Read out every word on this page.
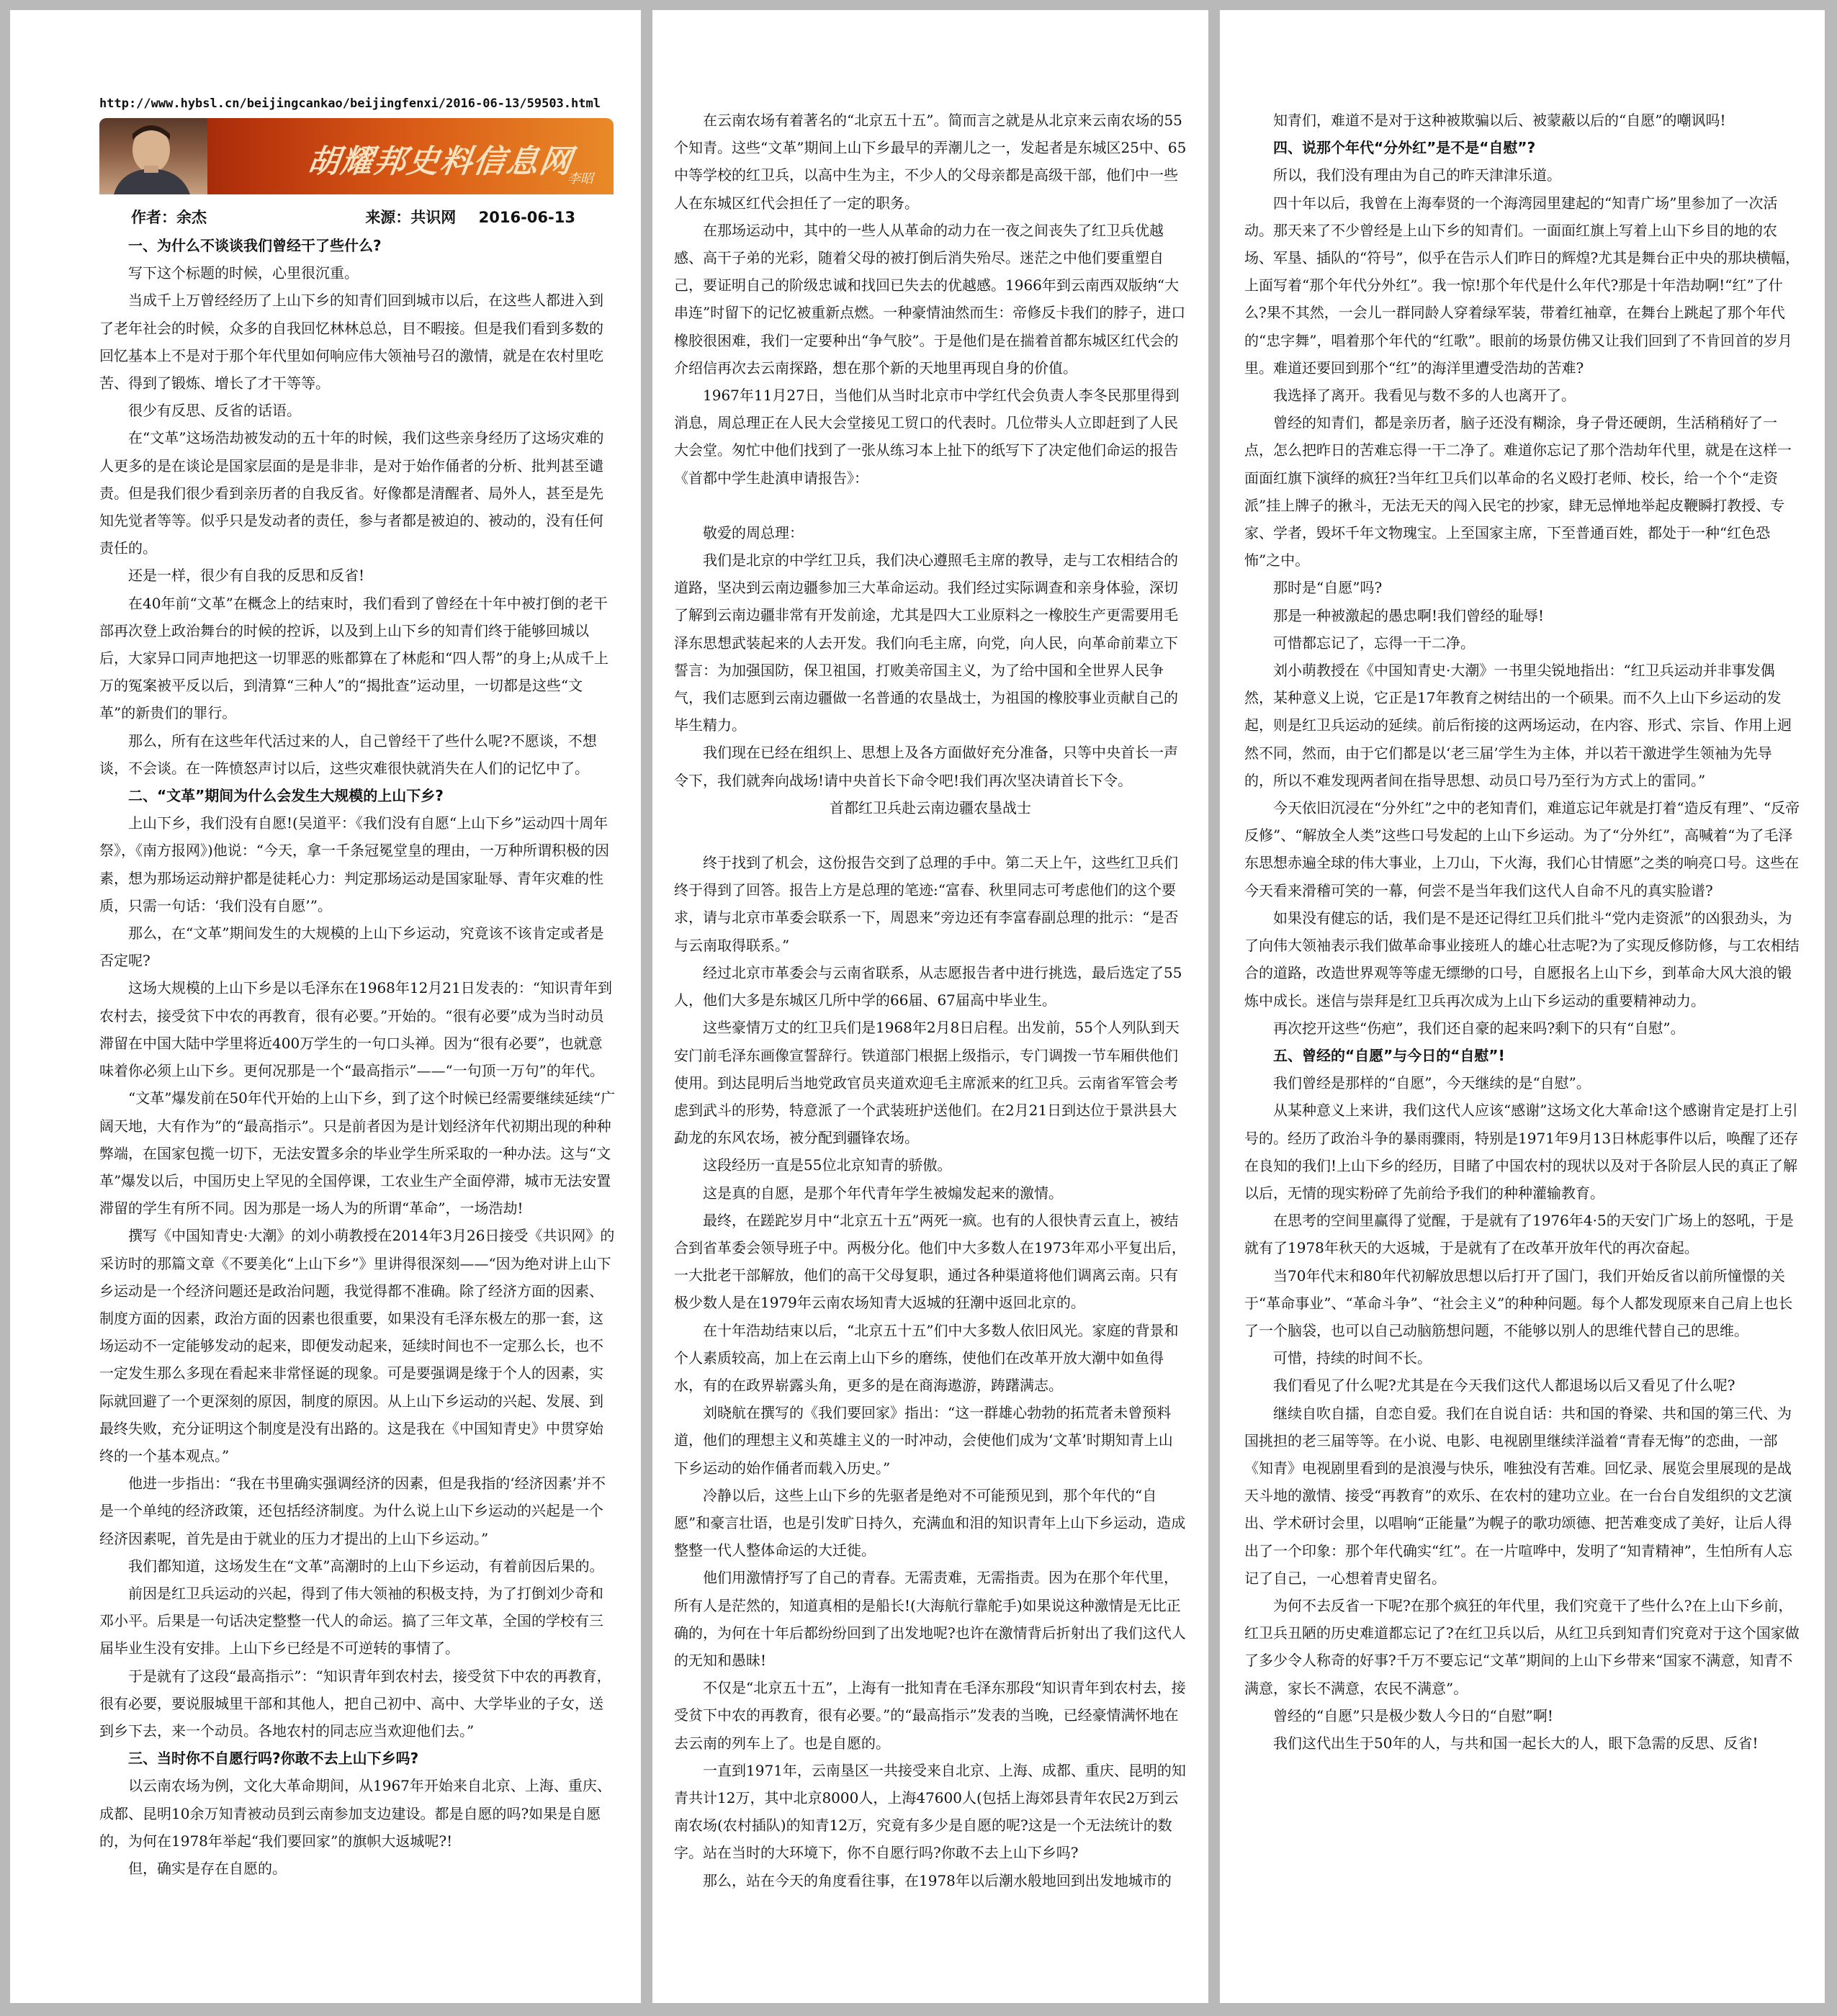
http://www.hybsl.cn/beijingcankao/beijingfenxi/2016-06-13/59503.html
胡耀邦史料信息网
李昭
作者：余杰	来源：共识网 2016-06-13
一、为什么不谈谈我们曾经干了些什么?

写下这个标题的时候，心里很沉重。

当成千上万曾经经历了上山下乡的知青们回到城市以后，在这些人都进入到了老年社会的时候，众多的自我回忆林林总总，目不暇接。但是我们看到多数的回忆基本上不是对于那个年代里如何响应伟大领袖号召的激情，就是在农村里吃苦、得到了锻炼、增长了才干等等。

很少有反思、反省的话语。

在“文革”这场浩劫被发动的五十年的时候，我们这些亲身经历了这场灾难的人更多的是在谈论是国家层面的是是非非，是对于始作俑者的分析、批判甚至谴责。但是我们很少看到亲历者的自我反省。好像都是清醒者、局外人，甚至是先知先觉者等等。似乎只是发动者的责任，参与者都是被迫的、被动的，没有任何责任的。

还是一样，很少有自我的反思和反省!

在40年前“文革”在概念上的结束时，我们看到了曾经在十年中被打倒的老干部再次登上政治舞台的时候的控诉，以及到上山下乡的知青们终于能够回城以后，大家异口同声地把这一切罪恶的账都算在了林彪和“四人帮”的身上;从成千上万的冤案被平反以后，到清算“三种人”的“揭批查”运动里，一切都是这些“文革”的新贵们的罪行。

那么，所有在这些年代活过来的人，自己曾经干了些什么呢?不愿谈，不想谈，不会谈。在一阵愤怒声讨以后，这些灾难很快就消失在人们的记忆中了。

二、“文革”期间为什么会发生大规模的上山下乡?

上山下乡，我们没有自愿!(吴道平：《我们没有自愿“上山下乡”运动四十周年祭》，《南方报网》)他说：“今天，拿一千条冠冕堂皇的理由，一万种所谓积极的因素，想为那场运动辩护都是徒耗心力：判定那场运动是国家耻辱、青年灾难的性质，只需一句话：‘我们没有自愿’”。

那么，在“文革”期间发生的大规模的上山下乡运动，究竟该不该肯定或者是否定呢?

这场大规模的上山下乡是以毛泽东在1968年12月21日发表的：“知识青年到农村去，接受贫下中农的再教育，很有必要。”开始的。“很有必要”成为当时动员滞留在中国大陆中学里将近400万学生的一句口头禅。因为“很有必要”，也就意味着你必须上山下乡。更何况那是一个“最高指示”——“一句顶一万句”的年代。

“文革”爆发前在50年代开始的上山下乡，到了这个时候已经需要继续延续“广阔天地，大有作为”的“最高指示”。只是前者因为是计划经济年代初期出现的种种弊端，在国家包揽一切下，无法安置多余的毕业学生所采取的一种办法。这与“文革”爆发以后，中国历史上罕见的全国停课，工农业生产全面停滞，城市无法安置滞留的学生有所不同。因为那是一场人为的所谓“革命”，一场浩劫!

撰写《中国知青史·大潮》的刘小萌教授在2014年3月26日接受《共识网》的采访时的那篇文章《不要美化“上山下乡”》里讲得很深刻——“因为绝对讲上山下乡运动是一个经济问题还是政治问题，我觉得都不准确。除了经济方面的因素、制度方面的因素，政治方面的因素也很重要，如果没有毛泽东极左的那一套，这场运动不一定能够发动的起来，即便发动起来，延续时间也不一定那么长，也不一定发生那么多现在看起来非常怪诞的现象。可是要强调是缘于个人的因素，实际就回避了一个更深刻的原因，制度的原因。从上山下乡运动的兴起、发展、到最终失败，充分证明这个制度是没有出路的。这是我在《中国知青史》中贯穿始终的一个基本观点。”

他进一步指出：“我在书里确实强调经济的因素，但是我指的‘经济因素’并不是一个单纯的经济政策，还包括经济制度。为什么说上山下乡运动的兴起是一个经济因素呢，首先是由于就业的压力才提出的上山下乡运动。”

我们都知道，这场发生在“文革”高潮时的上山下乡运动，有着前因后果的。

前因是红卫兵运动的兴起，得到了伟大领袖的积极支持，为了打倒刘少奇和邓小平。后果是一句话决定整整一代人的命运。搞了三年文革，全国的学校有三届毕业生没有安排。上山下乡已经是不可逆转的事情了。

于是就有了这段“最高指示”：“知识青年到农村去，接受贫下中农的再教育，很有必要，要说服城里干部和其他人，把自己初中、高中、大学毕业的子女，送到乡下去，来一个动员。各地农村的同志应当欢迎他们去。”

三、当时你不自愿行吗?你敢不去上山下乡吗?

以云南农场为例，文化大革命期间，从1967年开始来自北京、上海、重庆、成都、昆明10余万知青被动员到云南参加支边建设。都是自愿的吗?如果是自愿的，为何在1978年举起“我们要回家”的旗帜大返城呢?!

但，确实是存在自愿的。

在云南农场有着著名的“北京五十五”。简而言之就是从北京来云南农场的55个知青。这些“文革”期间上山下乡最早的弄潮儿之一，发起者是东城区25中、65中等学校的红卫兵，以高中生为主，不少人的父母亲都是高级干部，他们中一些人在东城区红代会担任了一定的职务。

在那场运动中，其中的一些人从革命的动力在一夜之间丧失了红卫兵优越感、高干子弟的光彩，随着父母的被打倒后消失殆尽。迷茫之中他们要重塑自己，要证明自己的阶级忠诚和找回已失去的优越感。1966年到云南西双版纳“大串连”时留下的记忆被重新点燃。一种豪情油然而生：帝修反卡我们的脖子，进口橡胶很困难，我们一定要种出“争气胶”。于是他们是在揣着首都东城区红代会的介绍信再次去云南探路，想在那个新的天地里再现自身的价值。

1967年11月27日，当他们从当时北京市中学红代会负责人李冬民那里得到消息，周总理正在人民大会堂接见工贸口的代表时。几位带头人立即赶到了人民大会堂。匆忙中他们找到了一张从练习本上扯下的纸写下了决定他们命运的报告《首都中学生赴滇申请报告》：

敬爱的周总理：

我们是北京的中学红卫兵，我们决心遵照毛主席的教导，走与工农相结合的道路，坚决到云南边疆参加三大革命运动。我们经过实际调查和亲身体验，深切了解到云南边疆非常有开发前途，尤其是四大工业原料之一橡胶生产更需要用毛泽东思想武装起来的人去开发。我们向毛主席，向党，向人民，向革命前辈立下誓言：为加强国防，保卫祖国，打败美帝国主义，为了给中国和全世界人民争气，我们志愿到云南边疆做一名普通的农垦战士，为祖国的橡胶事业贡献自己的毕生精力。

我们现在已经在组织上、思想上及各方面做好充分准备，只等中央首长一声令下，我们就奔向战场!请中央首长下命令吧!我们再次坚决请首长下令。

首都红卫兵赴云南边疆农垦战士

终于找到了机会，这份报告交到了总理的手中。第二天上午，这些红卫兵们终于得到了回答。报告上方是总理的笔迹:“富春、秋里同志可考虑他们的这个要求，请与北京市革委会联系一下，周恩来”旁边还有李富春副总理的批示：“是否与云南取得联系。”

经过北京市革委会与云南省联系，从志愿报告者中进行挑选，最后选定了55人，他们大多是东城区几所中学的66届、67届高中毕业生。

这些豪情万丈的红卫兵们是1968年2月8日启程。出发前，55个人列队到天安门前毛泽东画像宣誓辞行。铁道部门根据上级指示，专门调拨一节车厢供他们使用。到达昆明后当地党政官员夹道欢迎毛主席派来的红卫兵。云南省军管会考虑到武斗的形势，特意派了一个武装班护送他们。在2月21日到达位于景洪县大勐龙的东风农场，被分配到疆锋农场。

这段经历一直是55位北京知青的骄傲。

这是真的自愿，是那个年代青年学生被煽发起来的激情。

最终，在蹉跎岁月中“北京五十五”两死一疯。也有的人很快青云直上，被结合到省革委会领导班子中。两极分化。他们中大多数人在1973年邓小平复出后，一大批老干部解放，他们的高干父母复职，通过各种渠道将他们调离云南。只有极少数人是在1979年云南农场知青大返城的狂潮中返回北京的。

在十年浩劫结束以后，“北京五十五”们中大多数人依旧风光。家庭的背景和个人素质较高，加上在云南上山下乡的磨练，使他们在改革开放大潮中如鱼得水，有的在政界崭露头角，更多的是在商海遨游，踌躇满志。

刘晓航在撰写的《我们要回家》指出：“这一群雄心勃勃的拓荒者未曾预料道，他们的理想主义和英雄主义的一时冲动，会使他们成为‘文革’时期知青上山下乡运动的始作俑者而载入历史。”

冷静以后，这些上山下乡的先驱者是绝对不可能预见到，那个年代的“自愿”和豪言壮语，也是引发旷日持久，充满血和泪的知识青年上山下乡运动，造成整整一代人整体命运的大迁徙。

他们用激情抒写了自己的青春。无需责难，无需指责。因为在那个年代里，所有人是茫然的，知道真相的是船长!(大海航行靠舵手)如果说这种激情是无比正确的，为何在十年后都纷纷回到了出发地呢?也许在激情背后折射出了我们这代人的无知和愚昧!

不仅是“北京五十五”，上海有一批知青在毛泽东那段“知识青年到农村去，接受贫下中农的再教育，很有必要。”的“最高指示”发表的当晚，已经豪情满怀地在去云南的列车上了。也是自愿的。

一直到1971年，云南垦区一共接受来自北京、上海、成都、重庆、昆明的知青共计12万，其中北京8000人，上海47600人(包括上海郊县青年农民2万到云南农场(农村插队)的知青12万，究竟有多少是自愿的呢?这是一个无法统计的数字。站在当时的大环境下，你不自愿行吗?你敢不去上山下乡吗?

那么，站在今天的角度看往事，在1978年以后潮水般地回到出发地城市的

知青们，难道不是对于这种被欺骗以后、被蒙蔽以后的“自愿”的嘲讽吗!

四、说那个年代“分外红”是不是“自慰”?

所以，我们没有理由为自己的昨天津津乐道。

四十年以后，我曾在上海奉贤的一个海湾园里建起的“知青广场”里参加了一次活动。那天来了不少曾经是上山下乡的知青们。一面面红旗上写着上山下乡目的地的农场、军垦、插队的“符号”，似乎在告示人们昨日的辉煌?尤其是舞台正中央的那块横幅，上面写着“那个年代分外红”。我一惊!那个年代是什么年代?那是十年浩劫啊!“红”了什么?果不其然，一会儿一群同龄人穿着绿军装，带着红袖章，在舞台上跳起了那个年代的“忠字舞”，唱着那个年代的“红歌”。眼前的场景仿佛又让我们回到了不肯回首的岁月里。难道还要回到那个“红”的海洋里遭受浩劫的苦难?

我选择了离开。我看见与数不多的人也离开了。

曾经的知青们，都是亲历者，脑子还没有糊涂，身子骨还硬朗，生活稍稍好了一点，怎么把昨日的苦难忘得一干二净了。难道你忘记了那个浩劫年代里，就是在这样一面面红旗下演绎的疯狂?当年红卫兵们以革命的名义殴打老师、校长，给一个个“走资派”挂上牌子的揪斗，无法无天的闯入民宅的抄家，肆无忌惮地举起皮鞭瞬打教授、专家、学者，毁坏千年文物瑰宝。上至国家主席，下至普通百姓，都处于一种“红色恐怖”之中。

那时是“自愿”吗?

那是一种被激起的愚忠啊!我们曾经的耻辱!

可惜都忘记了，忘得一干二净。

刘小萌教授在《中国知青史·大潮》一书里尖锐地指出：“红卫兵运动并非事发偶然，某种意义上说，它正是17年教育之树结出的一个硕果。而不久上山下乡运动的发起，则是红卫兵运动的延续。前后衔接的这两场运动，在内容、形式、宗旨、作用上迥然不同，然而，由于它们都是以‘老三届’学生为主体，并以若干激进学生领袖为先导的，所以不难发现两者间在指导思想、动员口号乃至行为方式上的雷同。”

今天依旧沉浸在“分外红”之中的老知青们，难道忘记年就是打着“造反有理”、“反帝反修”、“解放全人类”这些口号发起的上山下乡运动。为了“分外红”，高喊着“为了毛泽东思想赤遍全球的伟大事业，上刀山，下火海，我们心甘情愿”之类的响亮口号。这些在今天看来滑稽可笑的一幕，何尝不是当年我们这代人自命不凡的真实脸谱?

如果没有健忘的话，我们是不是还记得红卫兵们批斗“党内走资派”的凶狠劲头，为了向伟大领袖表示我们做革命事业接班人的雄心壮志呢?为了实现反修防修，与工农相结合的道路，改造世界观等等虚无缥缈的口号，自愿报名上山下乡，到革命大风大浪的锻炼中成长。迷信与崇拜是红卫兵再次成为上山下乡运动的重要精神动力。

再次挖开这些“伤疤”，我们还自豪的起来吗?剩下的只有“自慰”。

五、曾经的“自愿”与今日的“自慰”!

我们曾经是那样的“自愿”，今天继续的是“自慰”。

从某种意义上来讲，我们这代人应该“感谢”这场文化大革命!这个感谢肯定是打上引号的。经历了政治斗争的暴雨骤雨，特别是1971年9月13日林彪事件以后，唤醒了还存在良知的我们!上山下乡的经历，目睹了中国农村的现状以及对于各阶层人民的真正了解以后，无情的现实粉碎了先前给予我们的种种灌输教育。

在思考的空间里赢得了觉醒，于是就有了1976年4·5的天安门广场上的怒吼，于是就有了1978年秋天的大返城，于是就有了在改革开放年代的再次奋起。

当70年代末和80年代初解放思想以后打开了国门，我们开始反省以前所憧憬的关于“革命事业”、“革命斗争”、“社会主义”的种种问题。每个人都发现原来自己肩上也长了一个脑袋，也可以自己动脑筋想问题，不能够以别人的思维代替自己的思维。

可惜，持续的时间不长。

我们看见了什么呢?尤其是在今天我们这代人都退场以后又看见了什么呢?

继续自吹自擂，自恋自爱。我们在自说自话：共和国的脊梁、共和国的第三代、为国挑担的老三届等等。在小说、电影、电视剧里继续洋溢着“青春无悔”的恋曲，一部《知青》电视剧里看到的是浪漫与快乐，唯独没有苦难。回忆录、展览会里展现的是战天斗地的激情、接受“再教育”的欢乐、在农村的建功立业。在一台台自发组织的文艺演出、学术研讨会里，以唱响“正能量”为幌子的歌功颂德、把苦难变成了美好，让后人得出了一个印象：那个年代确实“红”。在一片喧哗中，发明了“知青精神”，生怕所有人忘记了自己，一心想着青史留名。

为何不去反省一下呢?在那个疯狂的年代里，我们究竟干了些什么?在上山下乡前，红卫兵丑陋的历史难道都忘记了?在红卫兵以后，从红卫兵到知青们究竟对于这个国家做了多少令人称奇的好事?千万不要忘记“文革”期间的上山下乡带来“国家不满意，知青不满意，家长不满意，农民不满意”。

曾经的“自愿”只是极少数人今日的“自慰”啊!

我们这代出生于50年的人，与共和国一起长大的人，眼下急需的反思、反省!
